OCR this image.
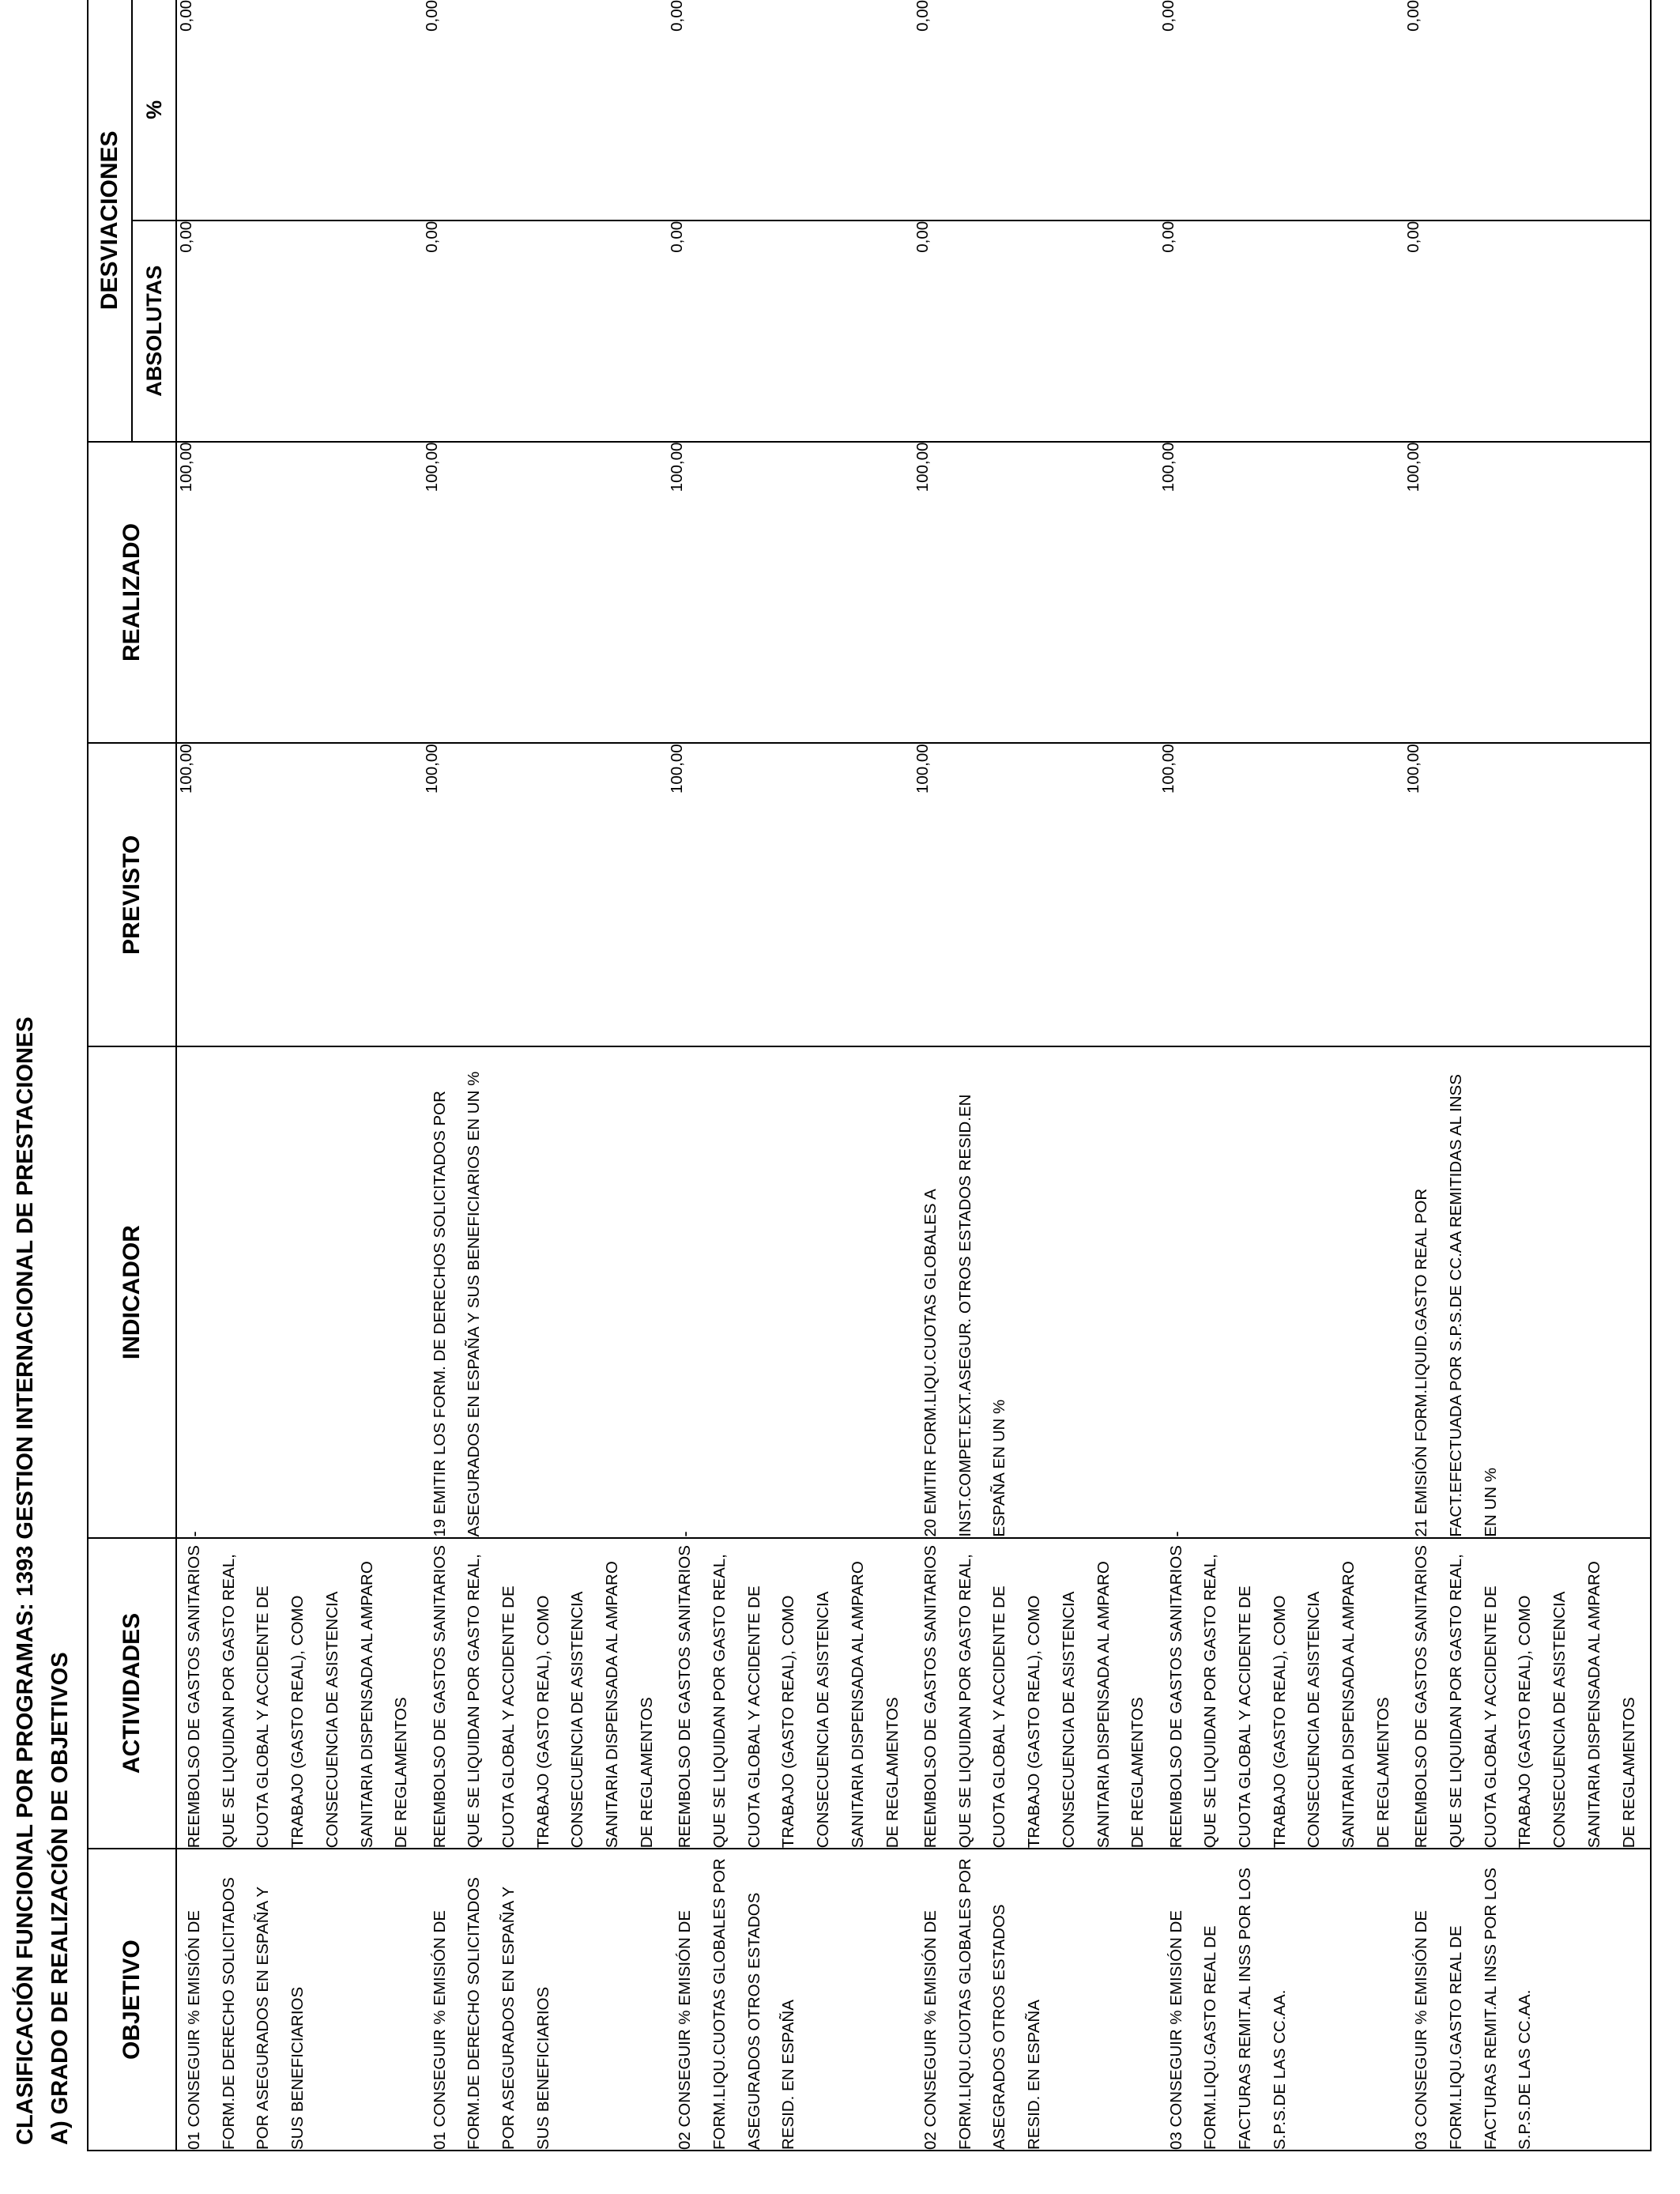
CLASIFICACIÓN FUNCIONAL POR PROGRAMAS: 1393 GESTION INTERNACIONAL DE PRESTACIONES A) GRADO DE REALIZACIÓN DE OBJETIVOS OBJETIVO	ACTIVIDADES	INDICADOR	PREVISTO	REALIZADO	DESVIACIONES	
					ABSOLUTAS	%
01 CONSEGUIR % EMISIÓN DE FORM.DE DERECHO SOLICITADOS POR ASEGURADOS EN ESPAÑA Y SUS BENEFICIARIOS	REEMBOLSO DE GASTOS SANITARIOS QUE SE LIQUIDAN POR GASTO REAL, CUOTA GLOBAL Y ACCIDENTE DE TRABAJO (GASTO REAL), COMO CONSECUENCIA DE ASISTENCIA SANITARIA DISPENSADA AL AMPARO DE REGLAMENTOS	-	100,00	100,00	0,00	0,00
01 CONSEGUIR % EMISIÓN DE FORM.DE DERECHO SOLICITADOS POR ASEGURADOS EN ESPAÑA Y SUS BENEFICIARIOS	REEMBOLSO DE GASTOS SANITARIOS QUE SE LIQUIDAN POR GASTO REAL, CUOTA GLOBAL Y ACCIDENTE DE TRABAJO (GASTO REAL), COMO CONSECUENCIA DE ASISTENCIA SANITARIA DISPENSADA AL AMPARO DE REGLAMENTOS	19 EMITIR LOS FORM. DE DERECHOS SOLICITADOS POR ASEGURADOS EN ESPAÑA Y SUS BENEFICIARIOS EN UN %	100,00	100,00	0,00	0,00
02 CONSEGUIR % EMISIÓN DE FORM.LIQU.CUOTAS GLOBALES POR ASEGURADOS OTROS ESTADOS RESID. EN ESPAÑA	REEMBOLSO DE GASTOS SANITARIOS QUE SE LIQUIDAN POR GASTO REAL, CUOTA GLOBAL Y ACCIDENTE DE TRABAJO (GASTO REAL), COMO CONSECUENCIA DE ASISTENCIA SANITARIA DISPENSADA AL AMPARO DE REGLAMENTOS	-	100,00	100,00	0,00	0,00
02 CONSEGUIR % EMISIÓN DE FORM.LIQU.CUOTAS GLOBALES POR ASEGRADOS OTROS ESTADOS RESID. EN ESPAÑA	REEMBOLSO DE GASTOS SANITARIOS QUE SE LIQUIDAN POR GASTO REAL, CUOTA GLOBAL Y ACCIDENTE DE TRABAJO (GASTO REAL), COMO CONSECUENCIA DE ASISTENCIA SANITARIA DISPENSADA AL AMPARO DE REGLAMENTOS	20 EMITIR FORM.LIQU.CUOTAS GLOBALES A INST.COMPET.EXT.ASEGUR. OTROS ESTADOS RESID.EN ESPAÑA EN UN %	100,00	100,00	0,00	0,00
03 CONSEGUIR % EMISIÓN DE FORM.LIQU.GASTO REAL DE FACTURAS REMIT.AL INSS POR LOS S.P.S.DE LAS CC.AA.	REEMBOLSO DE GASTOS SANITARIOS QUE SE LIQUIDAN POR GASTO REAL, CUOTA GLOBAL Y ACCIDENTE DE TRABAJO (GASTO REAL), COMO CONSECUENCIA DE ASISTENCIA SANITARIA DISPENSADA AL AMPARO DE REGLAMENTOS	-	100,00	100,00	0,00	0,00
03 CONSEGUIR % EMISIÓN DE FORM.LIQU.GASTO REAL DE FACTURAS REMIT.AL INSS POR LOS S.P.S.DE LAS CC.AA.	REEMBOLSO DE GASTOS SANITARIOS QUE SE LIQUIDAN POR GASTO REAL, CUOTA GLOBAL Y ACCIDENTE DE TRABAJO (GASTO REAL), COMO CONSECUENCIA DE ASISTENCIA SANITARIA DISPENSADA AL AMPARO DE REGLAMENTOS	21 EMISIÓN FORM.LIQUID.GASTO REAL POR FACT.EFECTUADA POR S.P.S.DE CC.AA REMITIDAS AL INSS EN UN %	100,00	100,00	0,00	0,00
